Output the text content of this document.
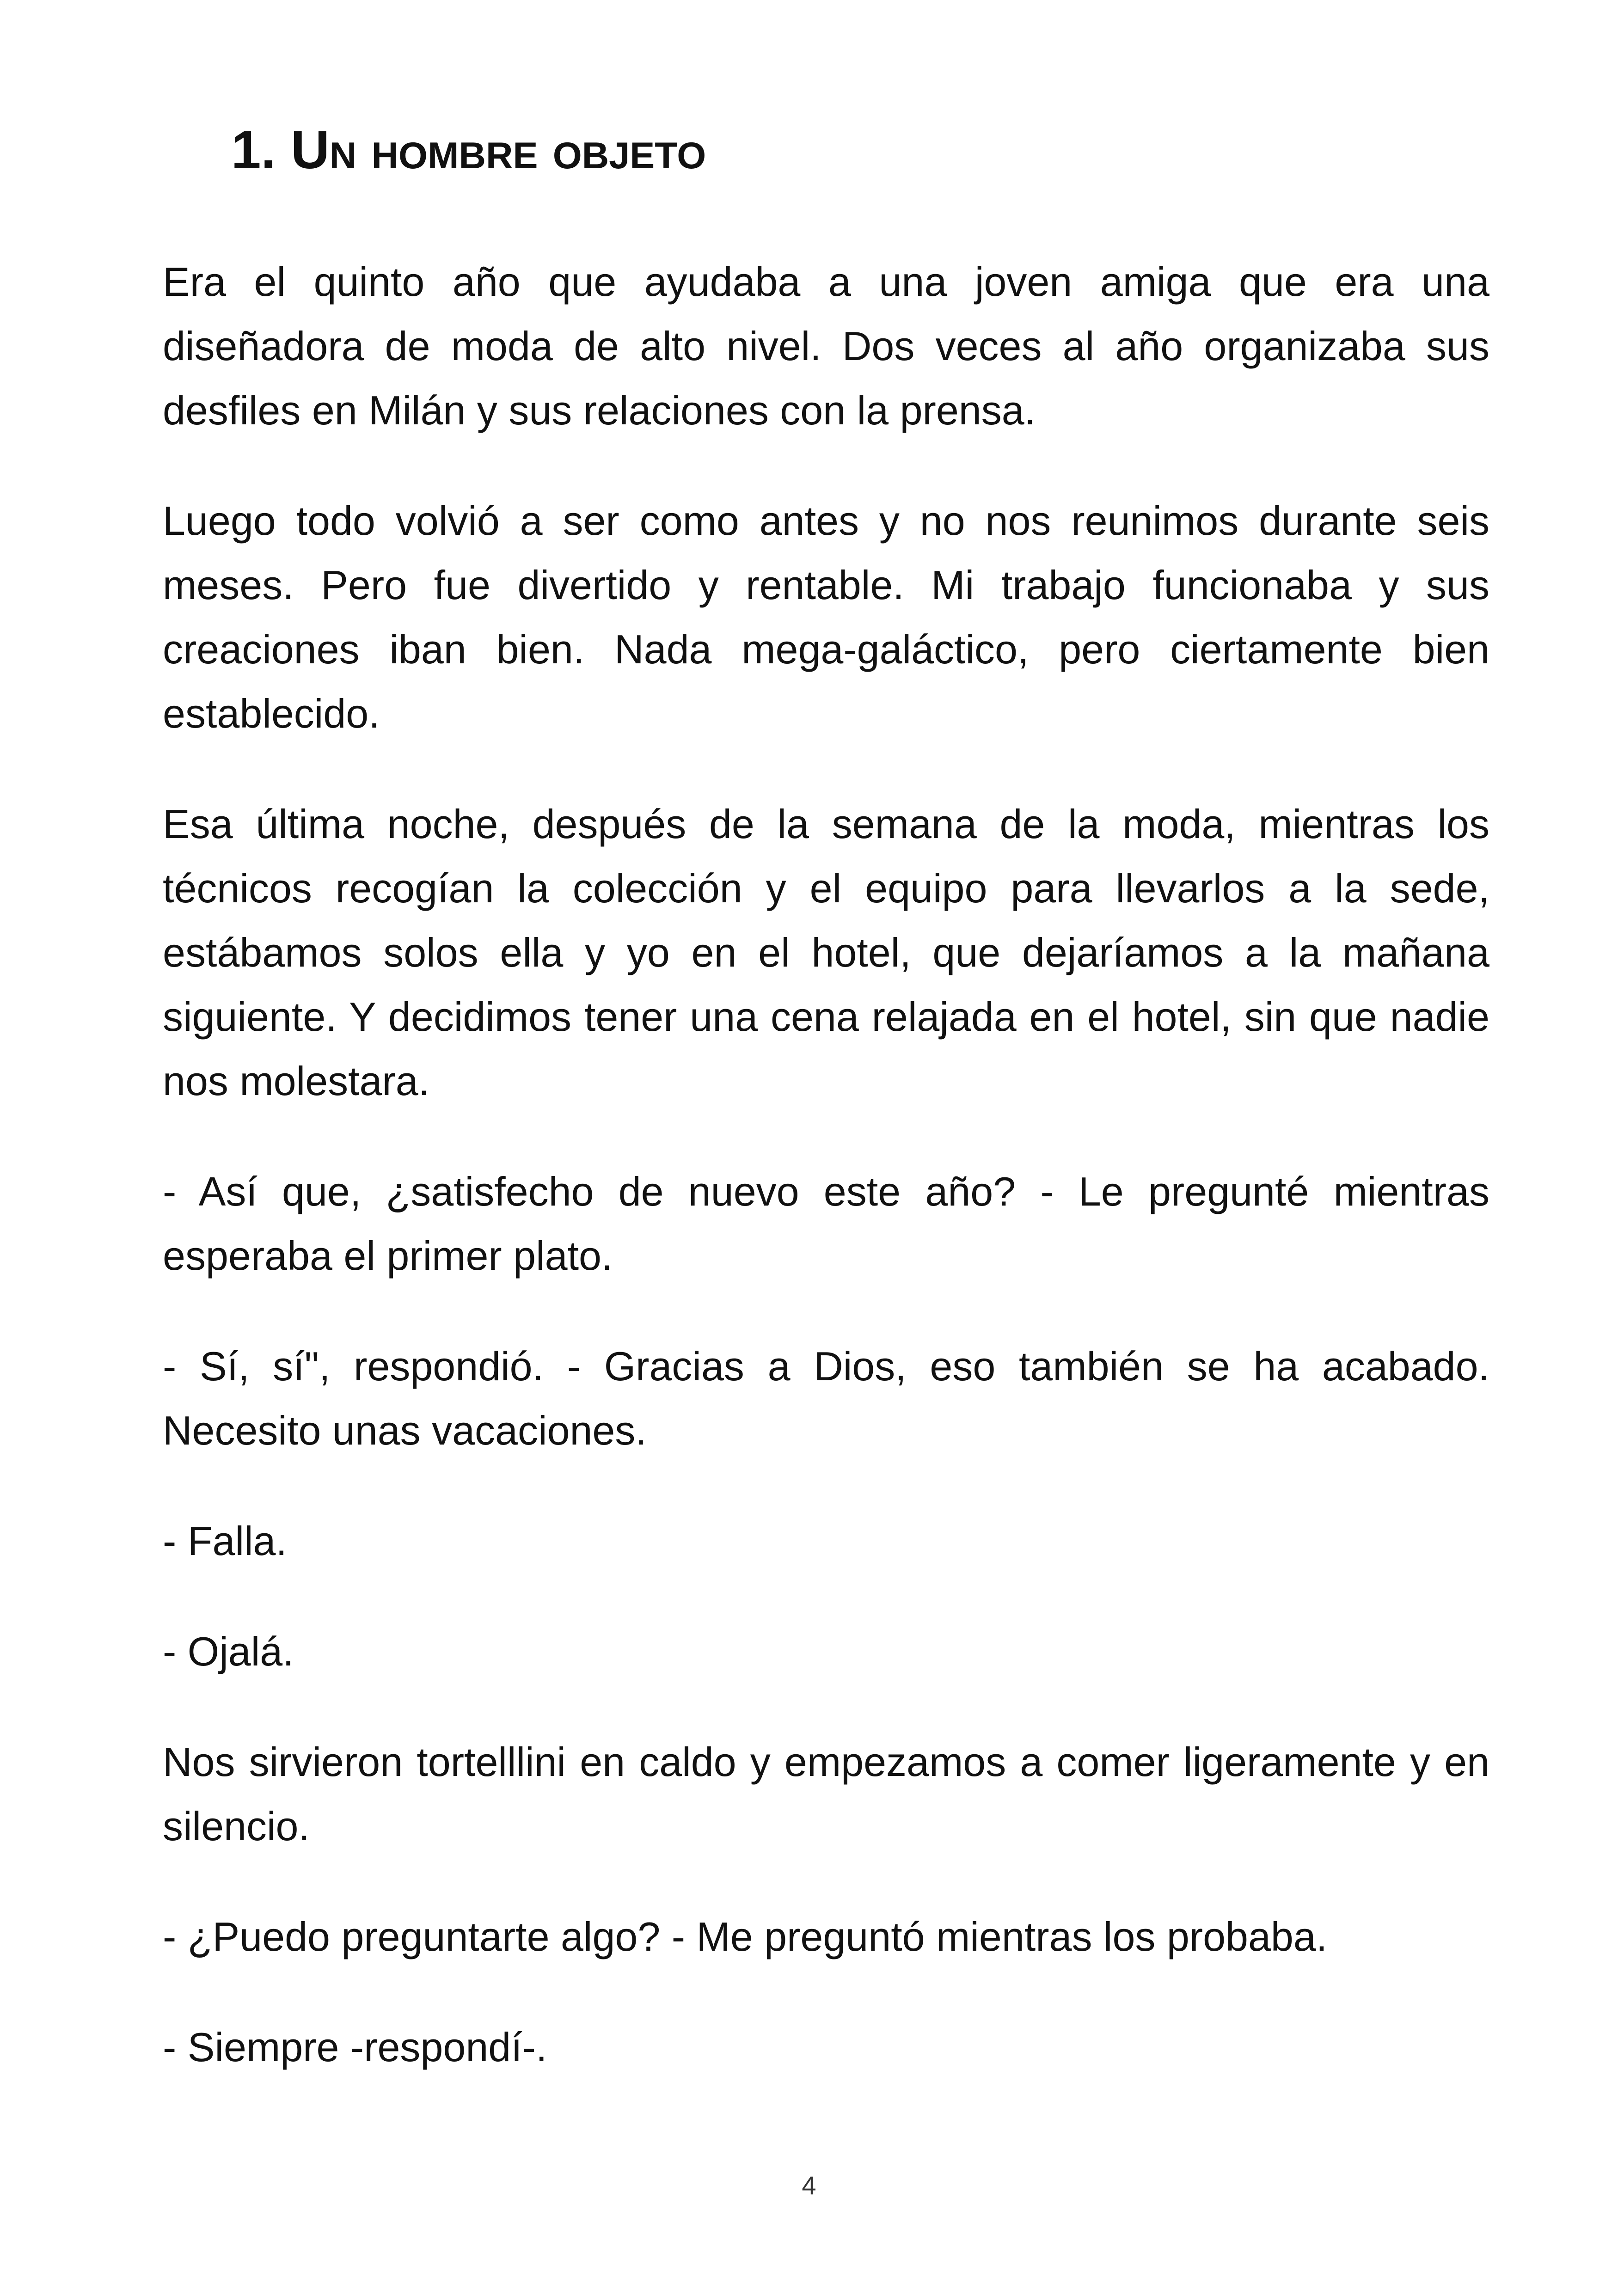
1. Un hombre objeto

Era el quinto año que ayudaba a una joven amiga que era una diseñadora de moda de alto nivel. Dos veces al año organizaba sus desfiles en Milán y sus relaciones con la prensa.

Luego todo volvió a ser como antes y no nos reunimos durante seis meses. Pero fue divertido y rentable. Mi trabajo funcionaba y sus creaciones iban bien. Nada mega-galáctico, pero ciertamente bien establecido.

Esa última noche, después de la semana de la moda, mientras los técnicos recogían la colección y el equipo para llevarlos a la sede, estábamos solos ella y yo en el hotel, que dejaríamos a la mañana siguiente. Y decidimos tener una cena relajada en el hotel, sin que nadie nos molestara.

- Así que, ¿satisfecho de nuevo este año? - Le pregunté mientras esperaba el primer plato.

- Sí, sí", respondió. - Gracias a Dios, eso también se ha acabado. Necesito unas vacaciones.

- Falla.

- Ojalá.

Nos sirvieron tortelllini en caldo y empezamos a comer ligeramente y en silencio.

- ¿Puedo preguntarte algo? - Me preguntó mientras los probaba.

- Siempre -respondí-.

4
